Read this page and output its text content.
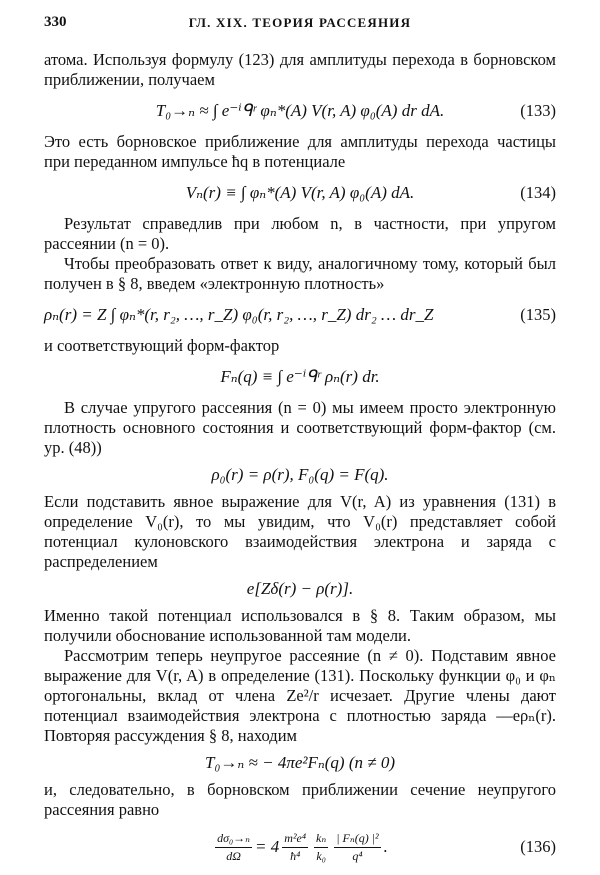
330	ГЛ. XIX. ТЕОРИЯ РАССЕЯНИЯ

атома. Используя формулу (123) для амплитуды перехода в борновском приближении, получаем

T₀→ₙ ≈ ∫ e⁻ⁱᑫʳ φₙ*(A) V(r, A) φ₀(A) dr dA.	(133)

Это есть борновское приближение для амплитуды перехода частицы при переданном импульсе ħq в потенциале

Vₙ(r) ≡ ∫ φₙ*(A) V(r, A) φ₀(A) dA.	(134)

Результат справедлив при любом n, в частности, при упругом рассеянии (n = 0).

Чтобы преобразовать ответ к виду, аналогичному тому, который был получен в § 8, введем «электронную плотность»

ρₙ(r) = Z ∫ φₙ*(r, r₂, …, r_Z) φ₀(r, r₂, …, r_Z) dr₂ … dr_Z	(135)

и соответствующий форм-фактор

Fₙ(q) ≡ ∫ e⁻ⁱᑫʳ ρₙ(r) dr.

В случае упругого рассеяния (n = 0) мы имеем просто электронную плотность основного состояния и соответствующий форм-фактор (см. ур. (48))

ρ₀(r) = ρ(r), F₀(q) = F(q).

Если подставить явное выражение для V(r, A) из уравнения (131) в определение V₀(r), то мы увидим, что V₀(r) представляет собой потенциал кулоновского взаимодействия электрона и заряда с распределением

e[Zδ(r) − ρ(r)].

Именно такой потенциал использовался в § 8. Таким образом, мы получили обоснование использованной там модели.

Рассмотрим теперь неупругое рассеяние (n ≠ 0). Подставим явное выражение для V(r, A) в определение (131). Поскольку функции φ₀ и φₙ ортогональны, вклад от члена Ze²/r исчезает. Другие члены дают потенциал взаимодействия электрона с плотностью заряда —eρₙ(r). Повторяя рассуждения § 8, находим

T₀→ₙ ≈ − 4πe²Fₙ(q) (n ≠ 0)

и, следовательно, в борновском приближении сечение неупругого рассеяния равно

$\frac{\text{dσ₀→ₙ}}{d\Omega} = 4 \frac{\text{m²e⁴}}{\text{ħ⁴}} \frac{\text{kₙ}}{\text{k₀}} \frac{\text{| Fₙ(q) |²}}{\text{q⁴}}$ .	(136)
